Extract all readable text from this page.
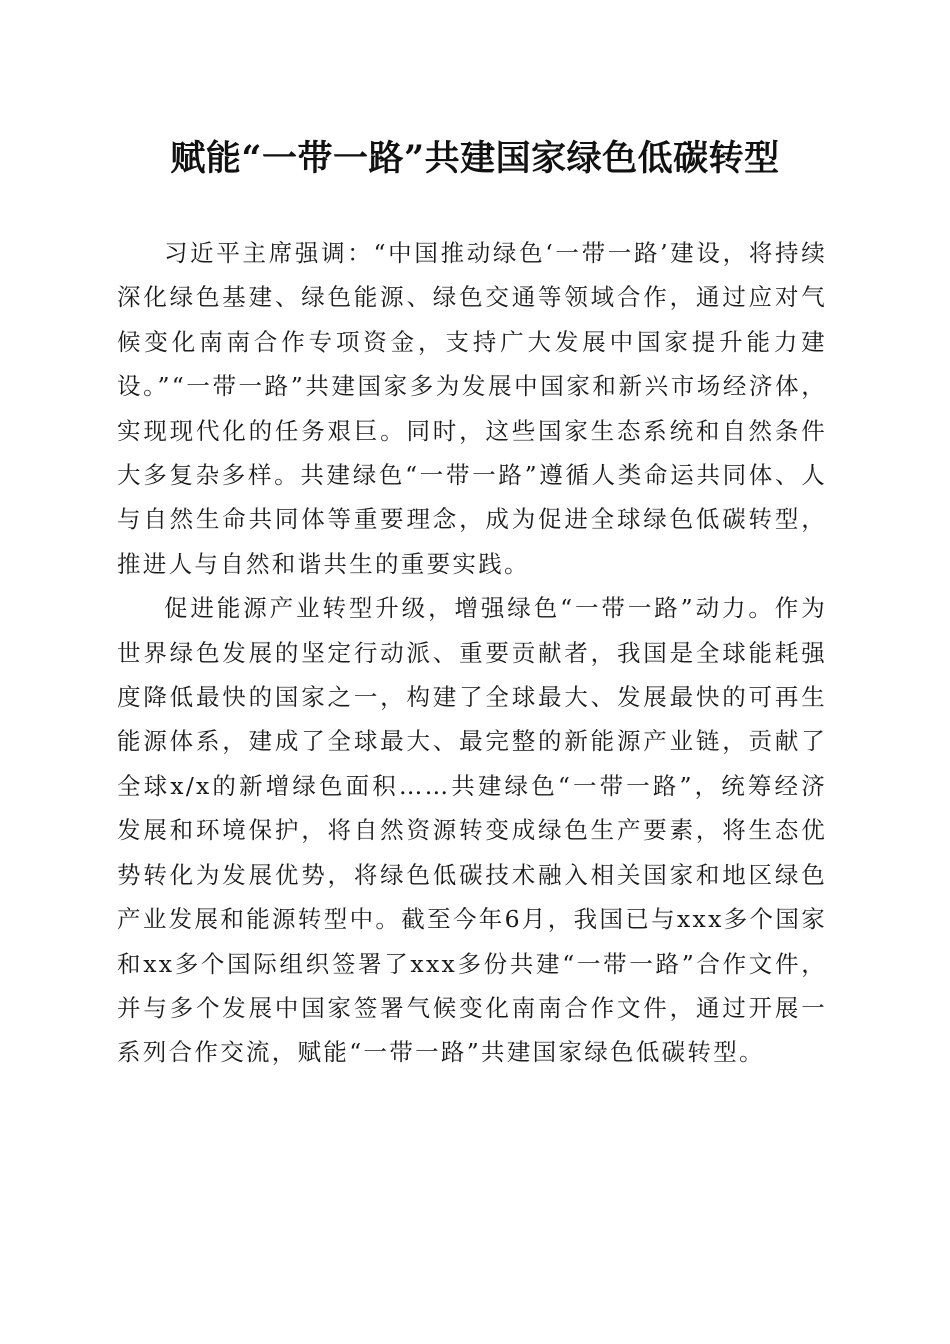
赋能“一带一路”共建国家绿色低碳转型

习近平主席强调：“中国推动绿色‘一带一路’建设，将持续深化绿色基建、绿色能源、绿色交通等领域合作，通过应对气候变化南南合作专项资金，支持广大发展中国家提升能力建设。”“一带一路”共建国家多为发展中国家和新兴市场经济体，实现现代化的任务艰巨。同时，这些国家生态系统和自然条件大多复杂多样。共建绿色“一带一路”遵循人类命运共同体、人与自然生命共同体等重要理念，成为促进全球绿色低碳转型，推进人与自然和谐共生的重要实践。

促进能源产业转型升级，增强绿色“一带一路”动力。作为世界绿色发展的坚定行动派、重要贡献者，我国是全球能耗强度降低最快的国家之一，构建了全球最大、发展最快的可再生能源体系，建成了全球最大、最完整的新能源产业链，贡献了全球x/x的新增绿色面积……共建绿色“一带一路”，统筹经济发展和环境保护，将自然资源转变成绿色生产要素，将生态优势转化为发展优势，将绿色低碳技术融入相关国家和地区绿色产业发展和能源转型中。截至今年6月，我国已与xxx多个国家和xx多个国际组织签署了xxx多份共建“一带一路”合作文件，并与多个发展中国家签署气候变化南南合作文件，通过开展一系列合作交流，赋能“一带一路”共建国家绿色低碳转型。
